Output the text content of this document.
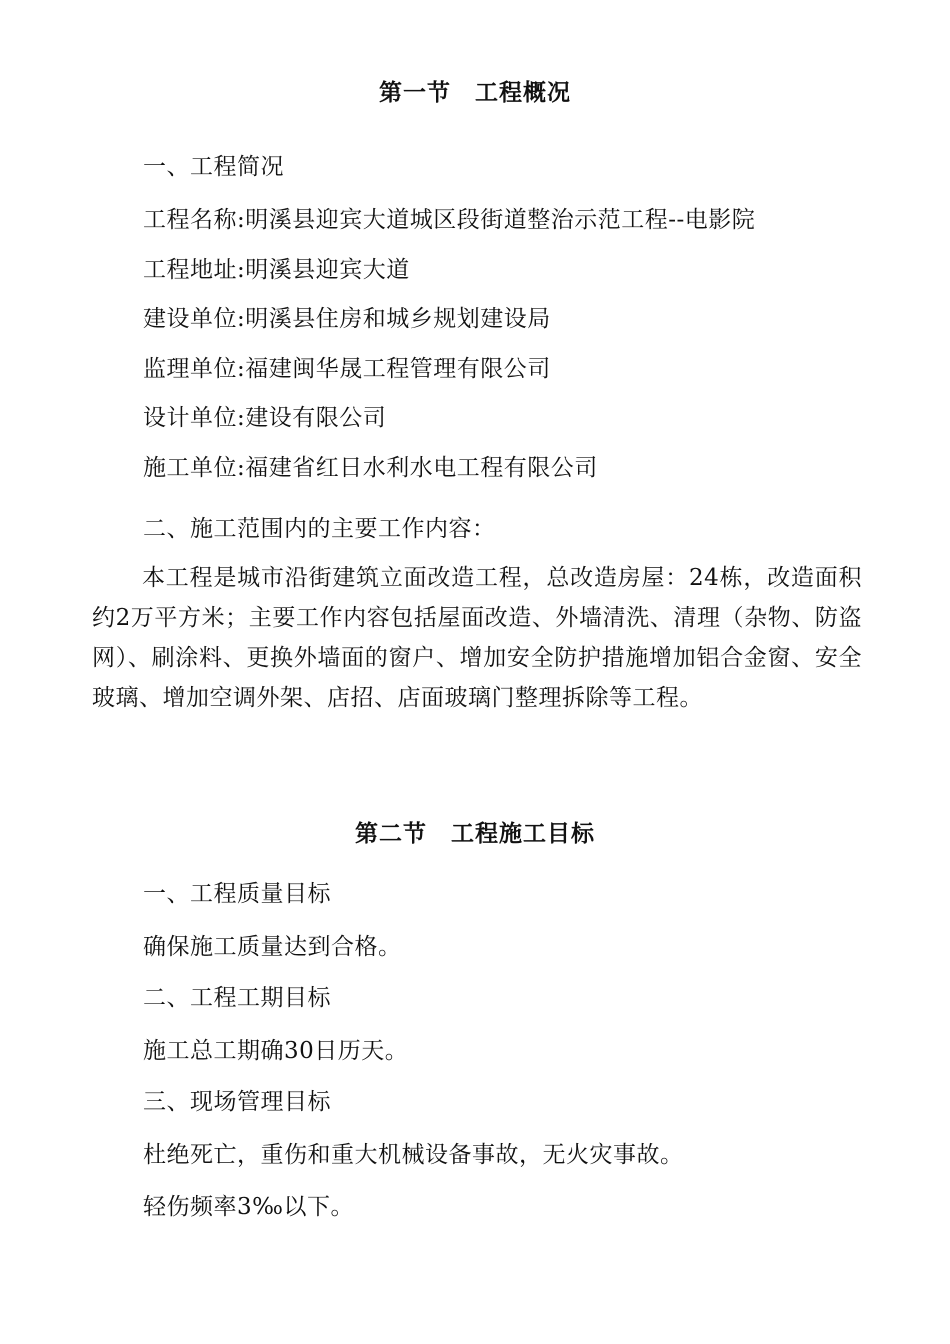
第一节　工程概况
一、工程简况
工程名称:明溪县迎宾大道城区段街道整治示范工程--电影院
工程地址:明溪县迎宾大道
建设单位:明溪县住房和城乡规划建设局
监理单位:福建闽华晟工程管理有限公司
设计单位:建设有限公司
施工单位:福建省红日水利水电工程有限公司
二、施工范围内的主要工作内容：
本工程是城市沿街建筑立面改造工程，总改造房屋：24栋，改造面积约2万平方米；主要工作内容包括屋面改造、外墙清洗、清理（杂物、防盗网）、刷涂料、更换外墙面的窗户、增加安全防护措施增加铝合金窗、安全玻璃、增加空调外架、店招、店面玻璃门整理拆除等工程。
第二节　工程施工目标
一、工程质量目标
确保施工质量达到合格。
二、工程工期目标
施工总工期确30日历天。
三、现场管理目标
杜绝死亡，重伤和重大机械设备事故，无火灾事故。
轻伤频率3‰以下。
